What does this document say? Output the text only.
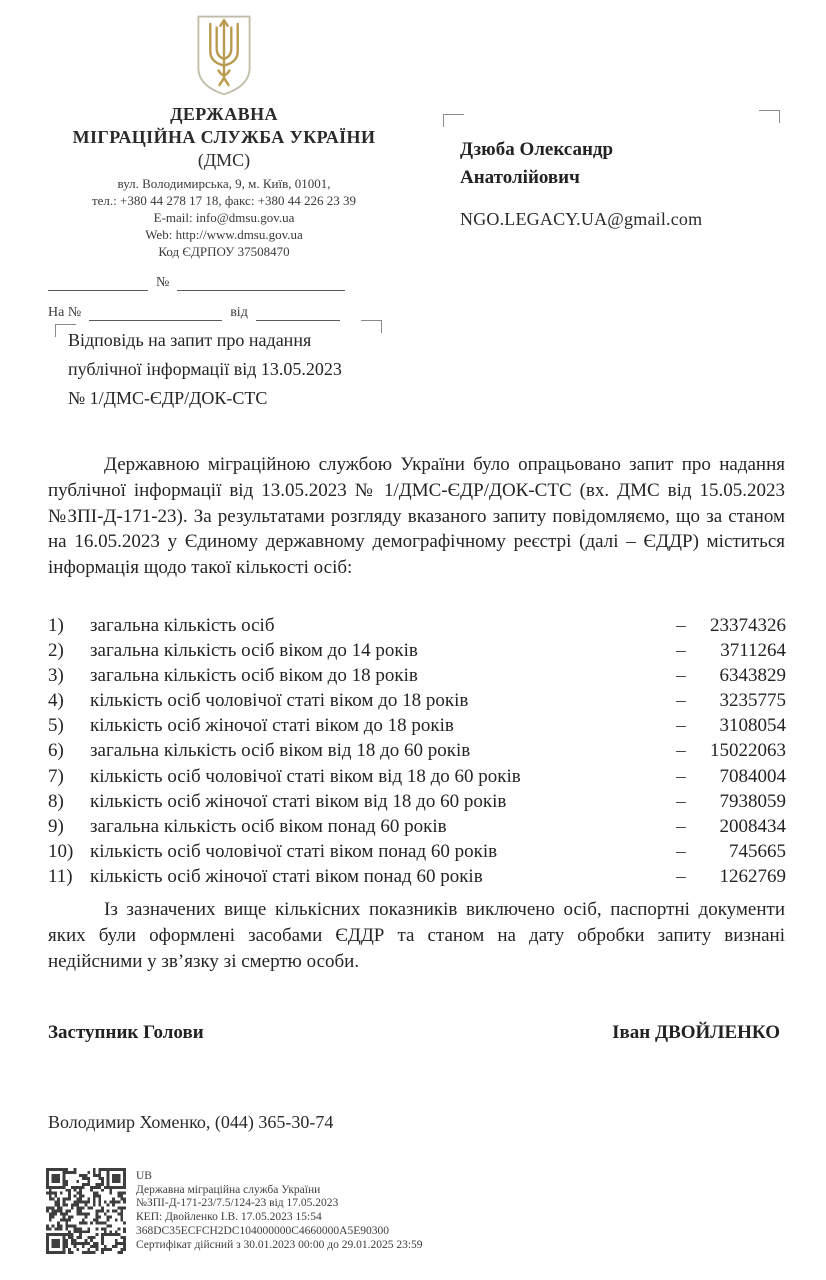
ДЕРЖАВНА
МІГРАЦІЙНА СЛУЖБА УКРАЇНИ
(ДМС)
вул. Володимирська, 9, м. Київ, 01001,
тел.: +380 44 278 17 18, факс: +380 44 226 23 39
E-mail: info@dmsu.gov.ua
Web: http://www.dmsu.gov.ua
Код ЄДРПОУ 37508470
Дзюба Олександр
Анатолійович
NGO.LEGACY.UA@gmail.com
№
На №	від
Відповідь на запит про надання
публічної інформації від 13.05.2023
№ 1/ДМС-ЄДР/ДОК-СТС
Державною міграційною службою України було опрацьовано запит про надання публічної інформації від 13.05.2023 № 1/ДМС-ЄДР/ДОК-СТС (вх. ДМС від 15.05.2023 №ЗПІ-Д-171-23). За результатами розгляду вказаного запиту повідомляємо, що за станом на 16.05.2023 у Єдиному державному демографічному реєстрі (далі – ЄДДР) міститься інформація щодо такої кількості осіб:
1)	загальна кількість осіб	–	23374326
2)	загальна кількість осіб віком до 14 років	–	3711264
3)	загальна кількість осіб віком до 18 років	–	6343829
4)	кількість осіб чоловічої статі віком до 18 років	–	3235775
5)	кількість осіб жіночої статі віком до 18 років	–	3108054
6)	загальна кількість осіб віком від 18 до 60 років	–	15022063
7)	кількість осіб чоловічої статі віком від 18 до 60 років	–	7084004
8)	кількість осіб жіночої статі віком від 18 до 60 років	–	7938059
9)	загальна кількість осіб віком понад 60 років	–	2008434
10) кількість осіб чоловічої статі віком понад 60 років	–	745665
11) кількість осіб жіночої статі віком понад 60 років	–	1262769
Із зазначених вище кількісних показників виключено осіб, паспортні документи яких були оформлені засобами ЄДДР та станом на дату обробки запиту визнані недійсними у зв’язку зі смертю особи.
Заступник Голови	Іван ДВОЙЛЕНКО
Володимир Хоменко, (044) 365-30-74
UB
Державна міграційна служба України
№ЗПІ-Д-171-23/7.5/124-23 від 17.05.2023
КЕП: Двойленко І.В. 17.05.2023 15:54
368DC35ECFCH2DC104000000C4660000A5E90300
Сертифікат дійсний з 30.01.2023 00:00 до 29.01.2025 23:59
